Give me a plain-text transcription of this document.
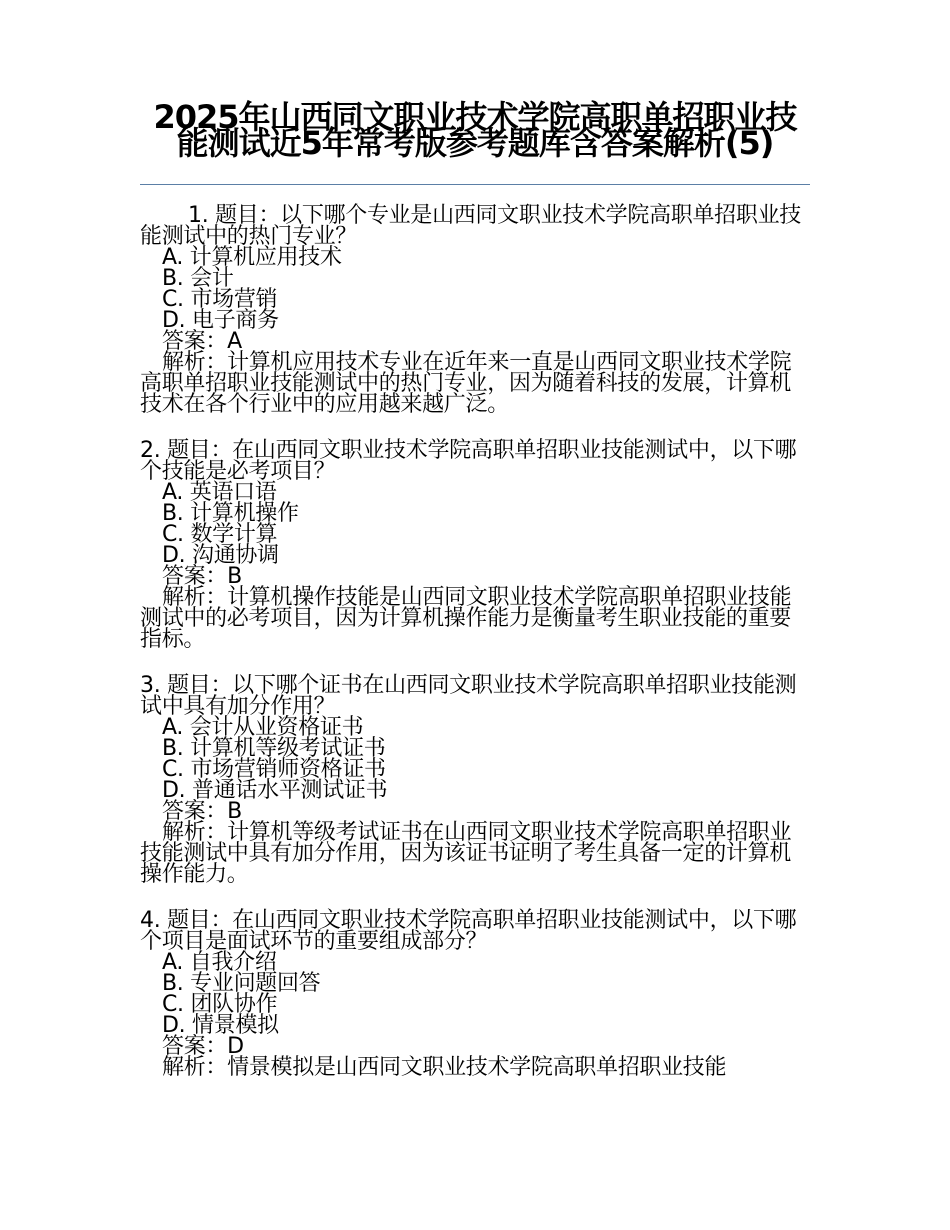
2025年山西同文职业技术学院高职单招职业技能测试近5年常考版参考题库含答案解析(5)

1. 题目：以下哪个专业是山西同文职业技术学院高职单招职业技能测试中的热门专业？

A. 计算机应用技术

B. 会计

C. 市场营销

D. 电子商务

答案：A

解析：计算机应用技术专业在近年来一直是山西同文职业技术学院高职单招职业技能测试中的热门专业，因为随着科技的发展，计算机技术在各个行业中的应用越来越广泛。

2. 题目：在山西同文职业技术学院高职单招职业技能测试中，以下哪个技能是必考项目？

A. 英语口语

B. 计算机操作

C. 数学计算

D. 沟通协调

答案：B

解析：计算机操作技能是山西同文职业技术学院高职单招职业技能测试中的必考项目，因为计算机操作能力是衡量考生职业技能的重要指标。

3. 题目：以下哪个证书在山西同文职业技术学院高职单招职业技能测试中具有加分作用？

A. 会计从业资格证书

B. 计算机等级考试证书

C. 市场营销师资格证书

D. 普通话水平测试证书

答案：B

解析：计算机等级考试证书在山西同文职业技术学院高职单招职业技能测试中具有加分作用，因为该证书证明了考生具备一定的计算机操作能力。

4. 题目：在山西同文职业技术学院高职单招职业技能测试中，以下哪个项目是面试环节的重要组成部分？

A. 自我介绍

B. 专业问题回答

C. 团队协作

D. 情景模拟

答案：D

解析：情景模拟是山西同文职业技术学院高职单招职业技能
